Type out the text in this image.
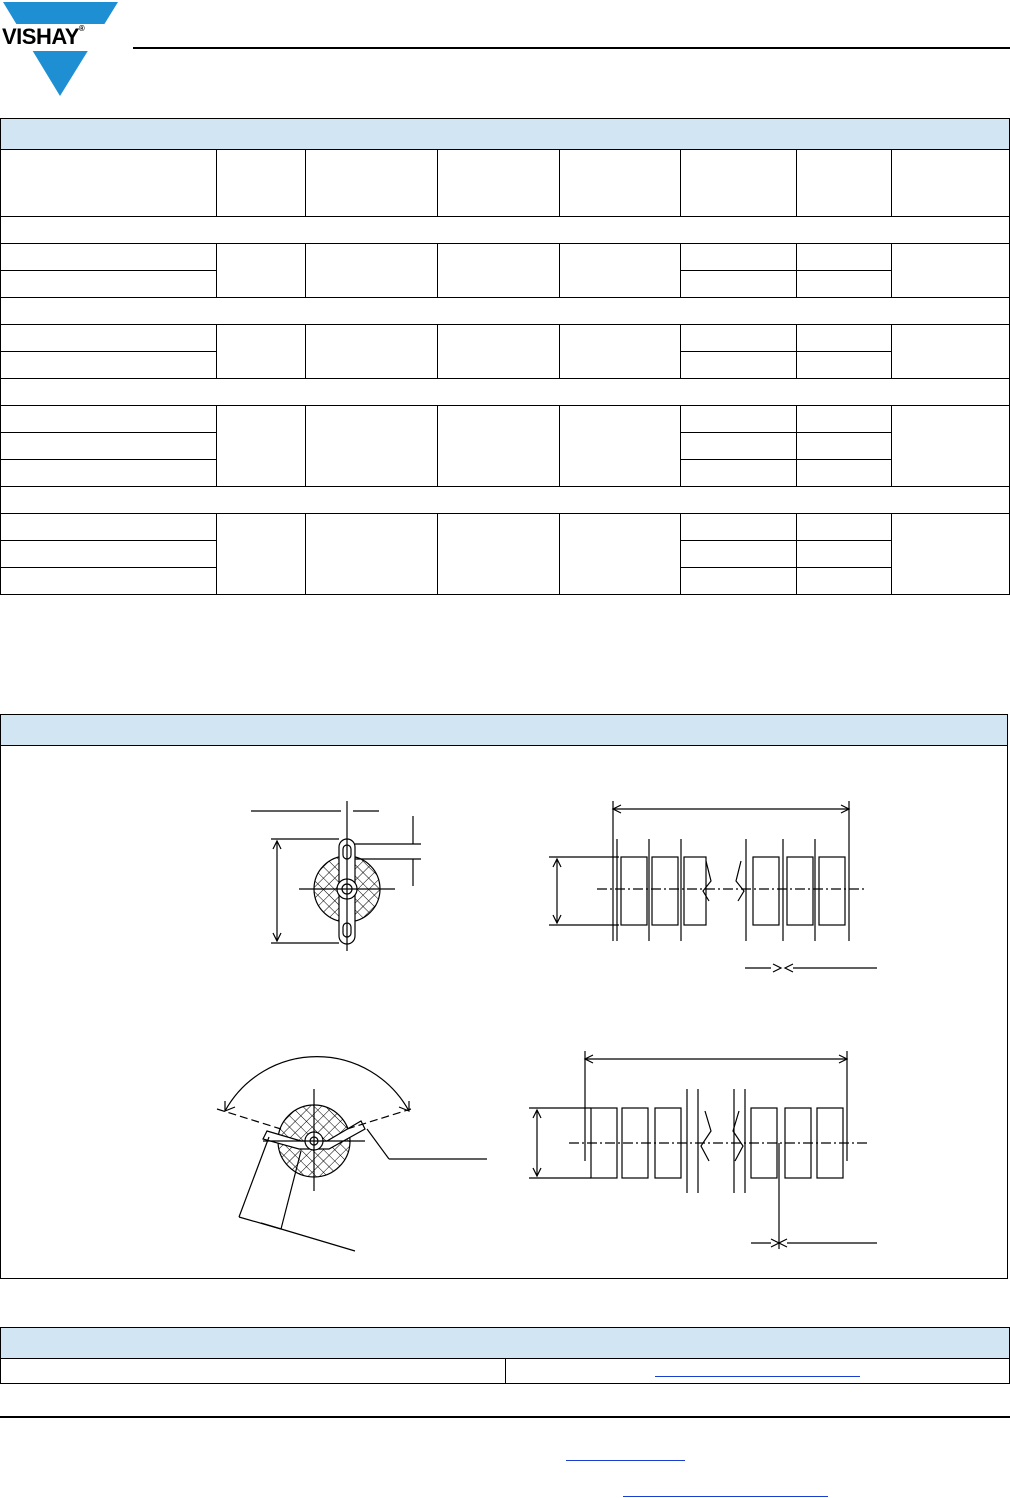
VISHAY®
